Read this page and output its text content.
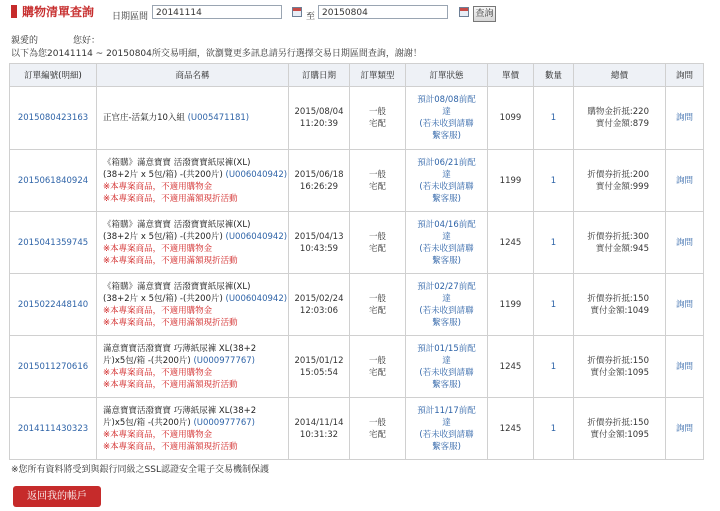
購物清單查詢 日期區間 20141114	至 20150804	查詢
親愛的	您好：
以下為您20141114 ~ 20150804所交易明細，欲瀏覽更多訊息請另行選擇交易日期區間查詢，謝謝！
訂單編號(明細)	商品名稱	訂購日期	訂單類型	訂單狀態	單價	數量	總價	詢問
2015080423163	正官庄-活氣力10入組 (U005471181)	2015/08/04
11:20:39	一般
宅配	預計08/08前配
達
(若未收到請聯
繫客服)	1099	1	購物金折抵:220
實付金額:879	詢問
2015061840924	《箱購》滿意寶寶 活潑寶寶紙尿褲(XL)
(38+2片 x 5包/箱) -(共200片) (U006040942)
※本專案商品，不適用購物金
※本專案商品，不適用滿額現折活動	2015/06/18
16:26:29	一般
宅配	預計06/21前配
達
(若未收到請聯
繫客服)	1199	1	折價券折抵:200
實付金額:999	詢問
2015041359745	《箱購》滿意寶寶 活潑寶寶紙尿褲(XL)
(38+2片 x 5包/箱) -(共200片) (U006040942)
※本專案商品，不適用購物金
※本專案商品，不適用滿額現折活動	2015/04/13
10:43:59	一般
宅配	預計04/16前配
達
(若未收到請聯
繫客服)	1245	1	折價券折抵:300
實付金額:945	詢問
2015022448140	《箱購》滿意寶寶 活潑寶寶紙尿褲(XL)
(38+2片 x 5包/箱) -(共200片) (U006040942)
※本專案商品，不適用購物金
※本專案商品，不適用滿額現折活動	2015/02/24
12:03:06	一般
宅配	預計02/27前配
達
(若未收到請聯
繫客服)	1199	1	折價券折抵:150
實付金額:1049	詢問
2015011270616	滿意寶寶活潑寶寶 巧薄紙尿褲 XL(38+2
片)x5包/箱 -(共200片) (U000977767)
※本專案商品，不適用購物金
※本專案商品，不適用滿額現折活動	2015/01/12
15:05:54	一般
宅配	預計01/15前配
達
(若未收到請聯
繫客服)	1245	1	折價券折抵:150
實付金額:1095	詢問
2014111430323	滿意寶寶活潑寶寶 巧薄紙尿褲 XL(38+2
片)x5包/箱 -(共200片) (U000977767)
※本專案商品，不適用購物金
※本專案商品，不適用滿額現折活動	2014/11/14
10:31:32	一般
宅配	預計11/17前配
達
(若未收到請聯
繫客服)	1245	1	折價券折抵:150
實付金額:1095	詢問
※您所有資料將受到與銀行同級之SSL認證安全電子交易機制保護
返回我的帳戶
